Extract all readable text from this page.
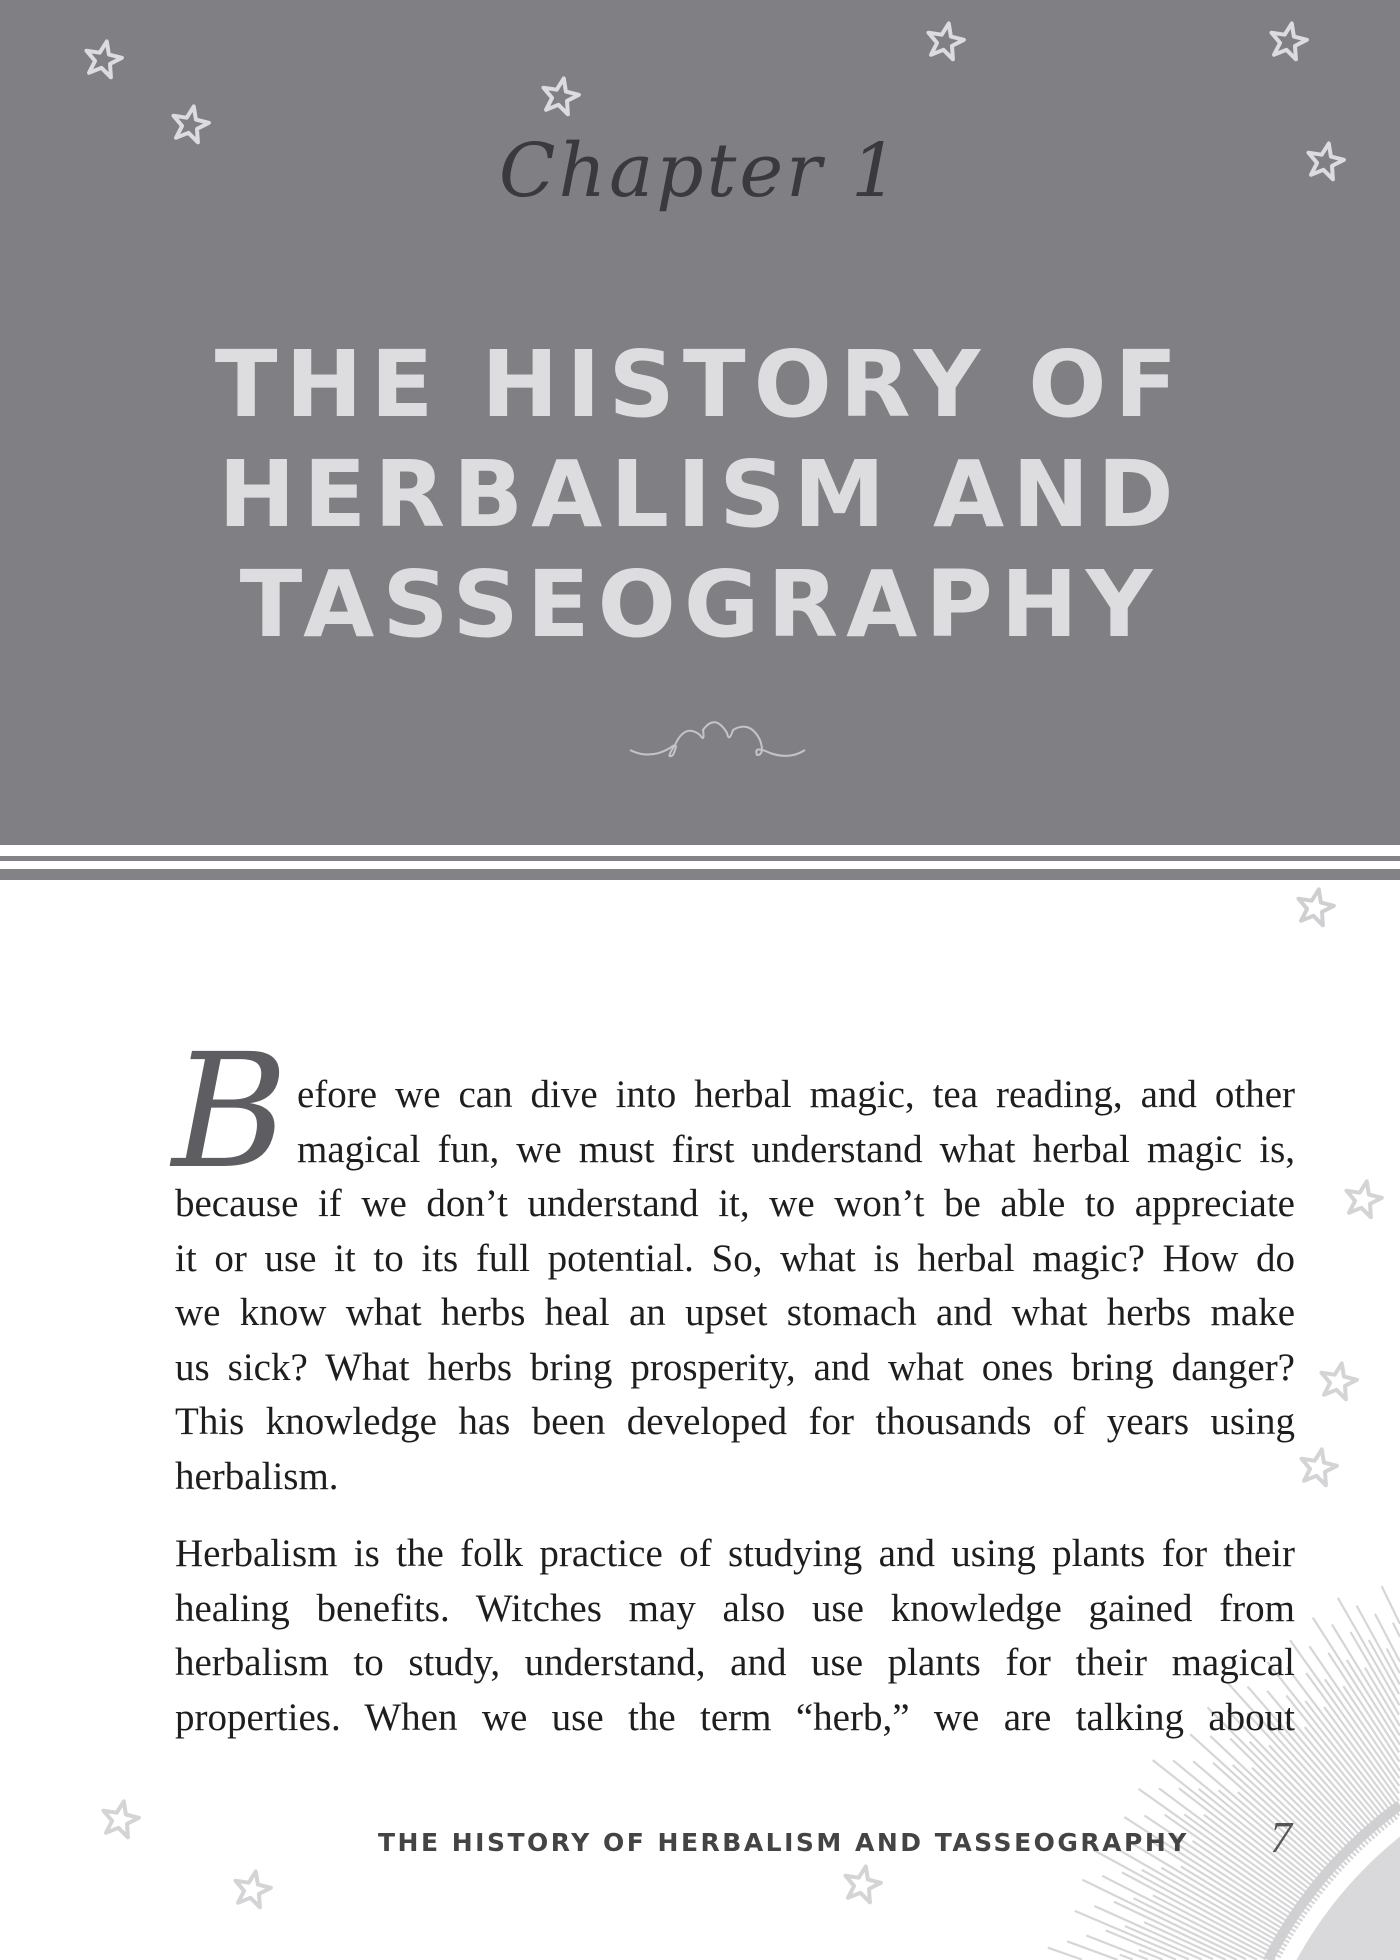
Chapter 1
THE HISTORY OF
HERBALISM AND
TASSEOGRAPHY
B efore we can dive into herbal magic, tea reading, and other
magical fun, we must first understand what herbal magic is,
because if we don’t understand it, we won’t be able to appreciate
it or use it to its full potential. So, what is herbal magic? How do
we know what herbs heal an upset stomach and what herbs make
us sick? What herbs bring prosperity, and what ones bring danger?
This knowledge has been developed for thousands of years using
herbalism.
Herbalism is the folk practice of studying and using plants for their
healing benefits. Witches may also use knowledge gained from
herbalism to study, understand, and use plants for their magical
properties. When we use the term “herb,” we are talking about
THE HISTORY OF HERBALISM AND TASSEOGRAPHY 7
